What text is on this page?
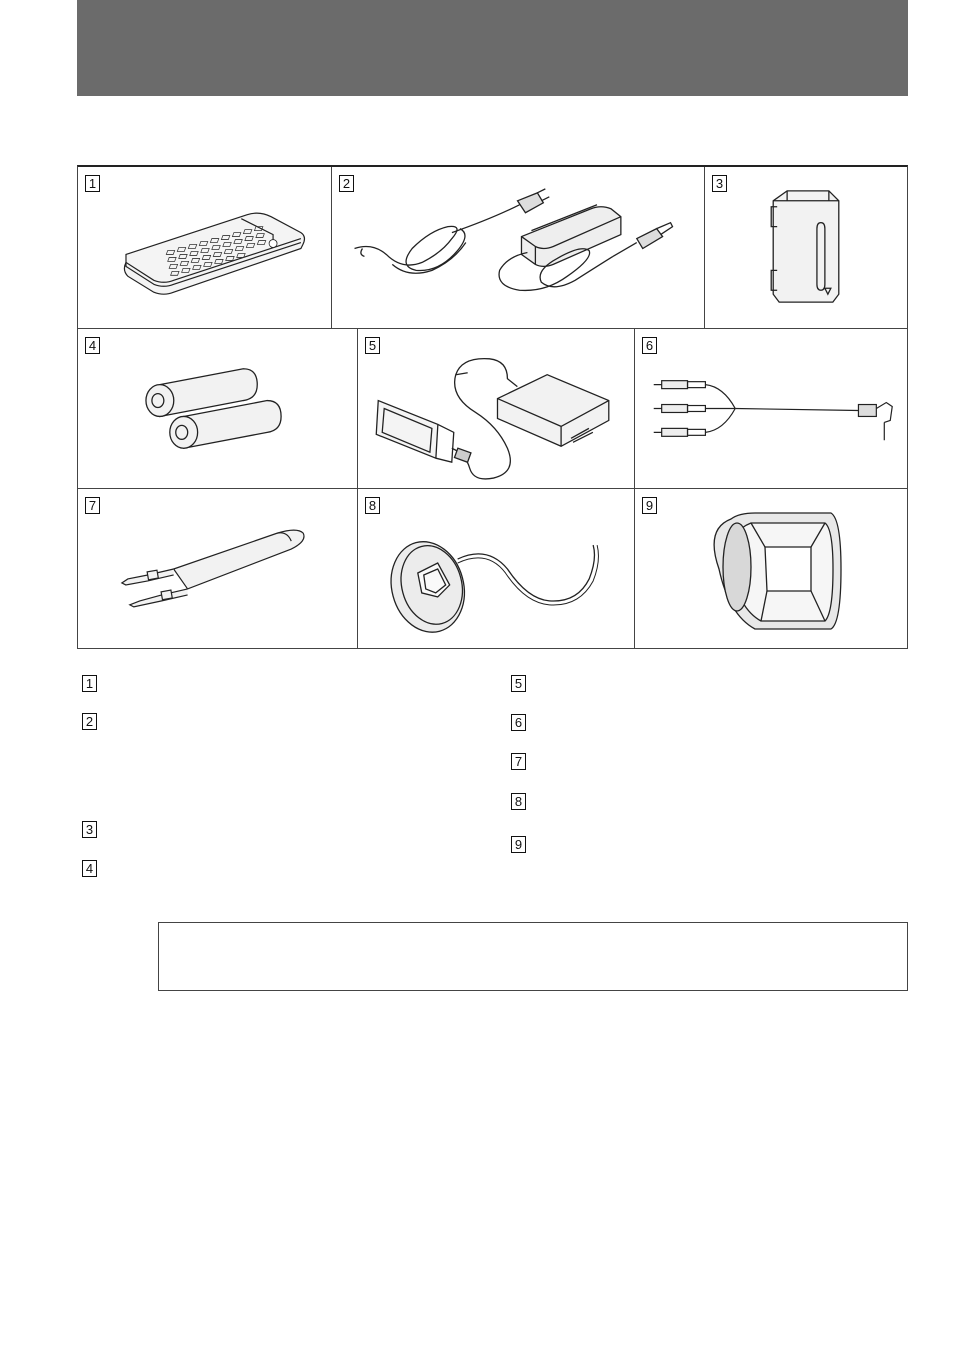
1	2	3
4	5	6
7	8	9
1
2
3
4
5
6
7
8
9
